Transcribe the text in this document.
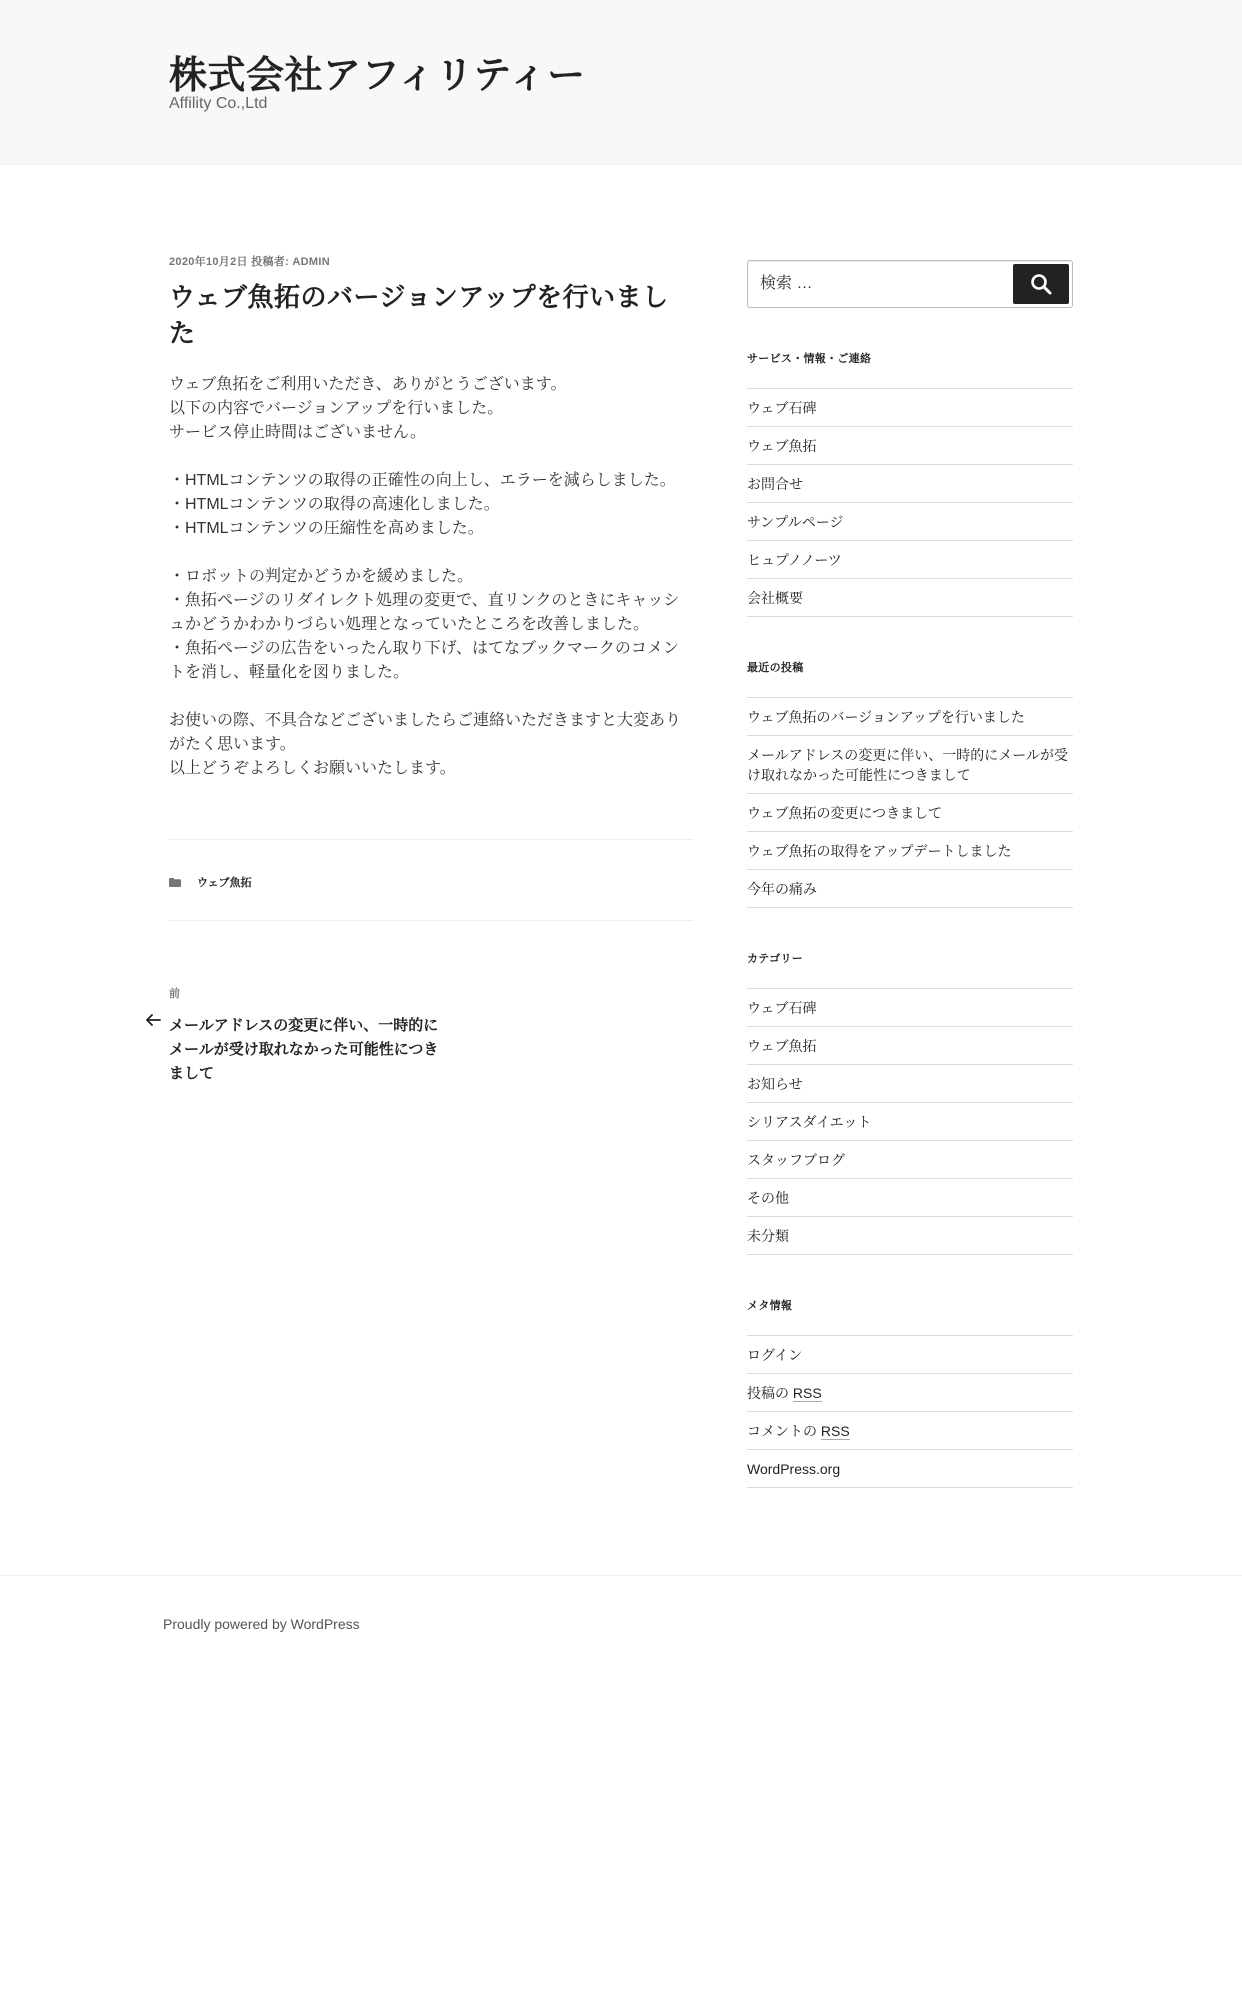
株式会社アフィリティー
Affility Co.,Ltd
2020年10月2日 投稿者: ADMIN
ウェブ魚拓のバージョンアップを行いました
ウェブ魚拓をご利用いただき、ありがとうございます。
以下の内容でバージョンアップを行いました。
サービス停止時間はございません。
・HTMLコンテンツの取得の正確性の向上し、エラーを減らしました。
・HTMLコンテンツの取得の高速化しました。
・HTMLコンテンツの圧縮性を高めました。
・ロボットの判定かどうかを緩めました。
・魚拓ページのリダイレクト処理の変更で、直リンクのときにキャッシュかどうかわかりづらい処理となっていたところを改善しました。
・魚拓ページの広告をいったん取り下げ、はてなブックマークのコメントを消し、軽量化を図りました。
お使いの際、不具合などございましたらご連絡いただきますと大変ありがたく思います。
以上どうぞよろしくお願いいたします。
ウェブ魚拓
前
メールアドレスの変更に伴い、一時的にメールが受け取れなかった可能性につきまして
検索 …
サービス・情報・ご連絡
ウェブ石碑
ウェブ魚拓
お問合せ
サンプルページ
ヒュプノノーツ
会社概要
最近の投稿
ウェブ魚拓のバージョンアップを行いました
メールアドレスの変更に伴い、一時的にメールが受け取れなかった可能性につきまして
ウェブ魚拓の変更につきまして
ウェブ魚拓の取得をアップデートしました
今年の痛み
カテゴリー
ウェブ石碑
ウェブ魚拓
お知らせ
シリアスダイエット
スタッフブログ
その他
未分類
メタ情報
ログイン
投稿の RSS
コメントの RSS
WordPress.org
Proudly powered by WordPress
